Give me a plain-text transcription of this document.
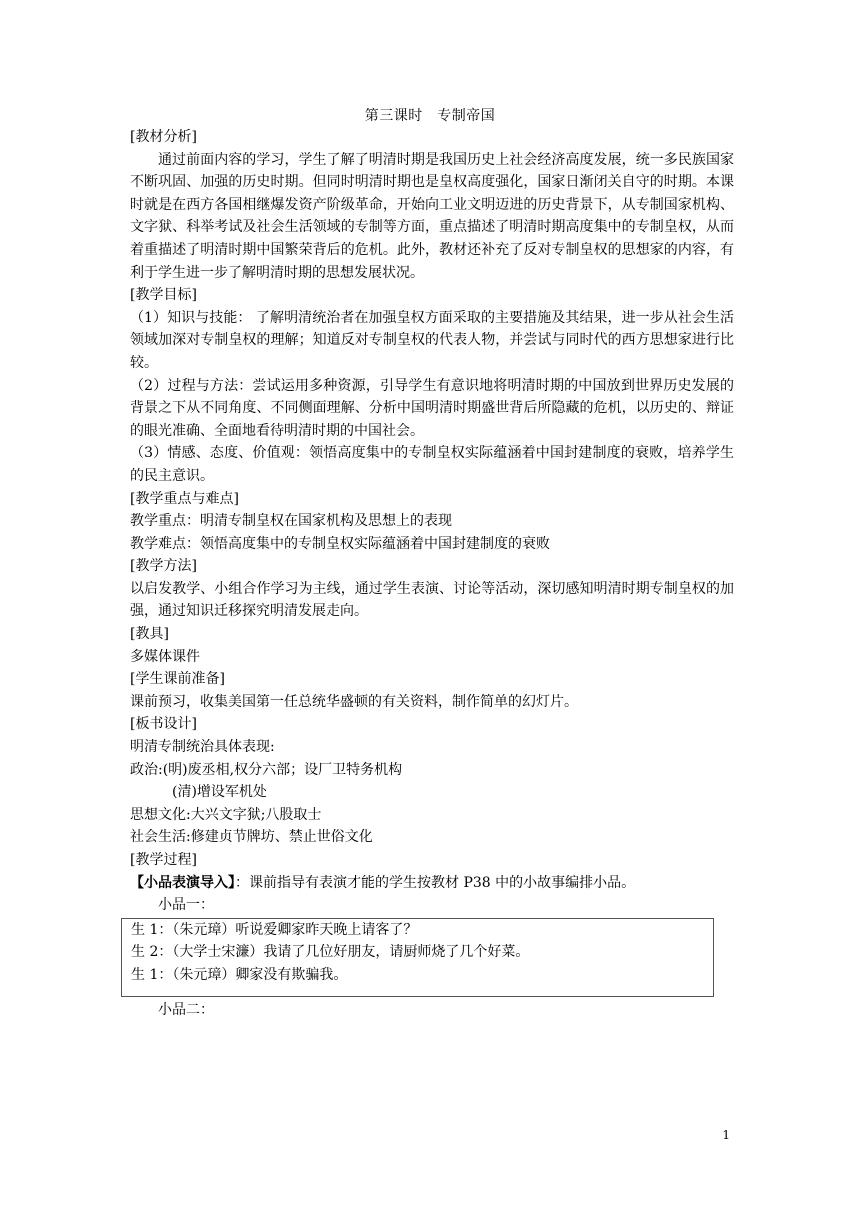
第三课时　专制帝国

[教材分析]

通过前面内容的学习，学生了解了明清时期是我国历史上社会经济高度发展，统一多民族国家不断巩固、加强的历史时期。但同时明清时期也是皇权高度强化，国家日渐闭关自守的时期。本课时就是在西方各国相继爆发资产阶级革命，开始向工业文明迈进的历史背景下，从专制国家机构、文字狱、科举考试及社会生活领域的专制等方面，重点描述了明清时期高度集中的专制皇权，从而着重描述了明清时期中国繁荣背后的危机。此外，教材还补充了反对专制皇权的思想家的内容，有利于学生进一步了解明清时期的思想发展状况。

[教学目标]

（1）知识与技能： 了解明清统治者在加强皇权方面采取的主要措施及其结果，进一步从社会生活领域加深对专制皇权的理解；知道反对专制皇权的代表人物，并尝试与同时代的西方思想家进行比较。

（2）过程与方法：尝试运用多种资源，引导学生有意识地将明清时期的中国放到世界历史发展的背景之下从不同角度、不同侧面理解、分析中国明清时期盛世背后所隐藏的危机，以历史的、辩证的眼光准确、全面地看待明清时期的中国社会。

（3）情感、态度、价值观：领悟高度集中的专制皇权实际蕴涵着中国封建制度的衰败，培养学生的民主意识。

[教学重点与难点]

教学重点：明清专制皇权在国家机构及思想上的表现

教学难点：领悟高度集中的专制皇权实际蕴涵着中国封建制度的衰败

[教学方法]

以启发教学、小组合作学习为主线，通过学生表演、讨论等活动，深切感知明清时期专制皇权的加强，通过知识迁移探究明清发展走向。

[教具]

多媒体课件

[学生课前准备]

课前预习，收集美国第一任总统华盛顿的有关资料，制作简单的幻灯片。

[板书设计]

明清专制统治具体表现:

政治:(明)废丞相,权分六部；设厂卫特务机构

(清)增设军机处

思想文化:大兴文字狱;八股取士

社会生活:修建贞节牌坊、禁止世俗文化

[教学过程]

【小品表演导入】：课前指导有表演才能的学生按教材 P38 中的小故事编排小品。

小品一：

生 1：（朱元璋）听说爱卿家昨天晚上请客了？

生 2：（大学士宋濂）我请了几位好朋友，请厨师烧了几个好菜。

生 1：（朱元璋）卿家没有欺骗我。

小品二：

1
